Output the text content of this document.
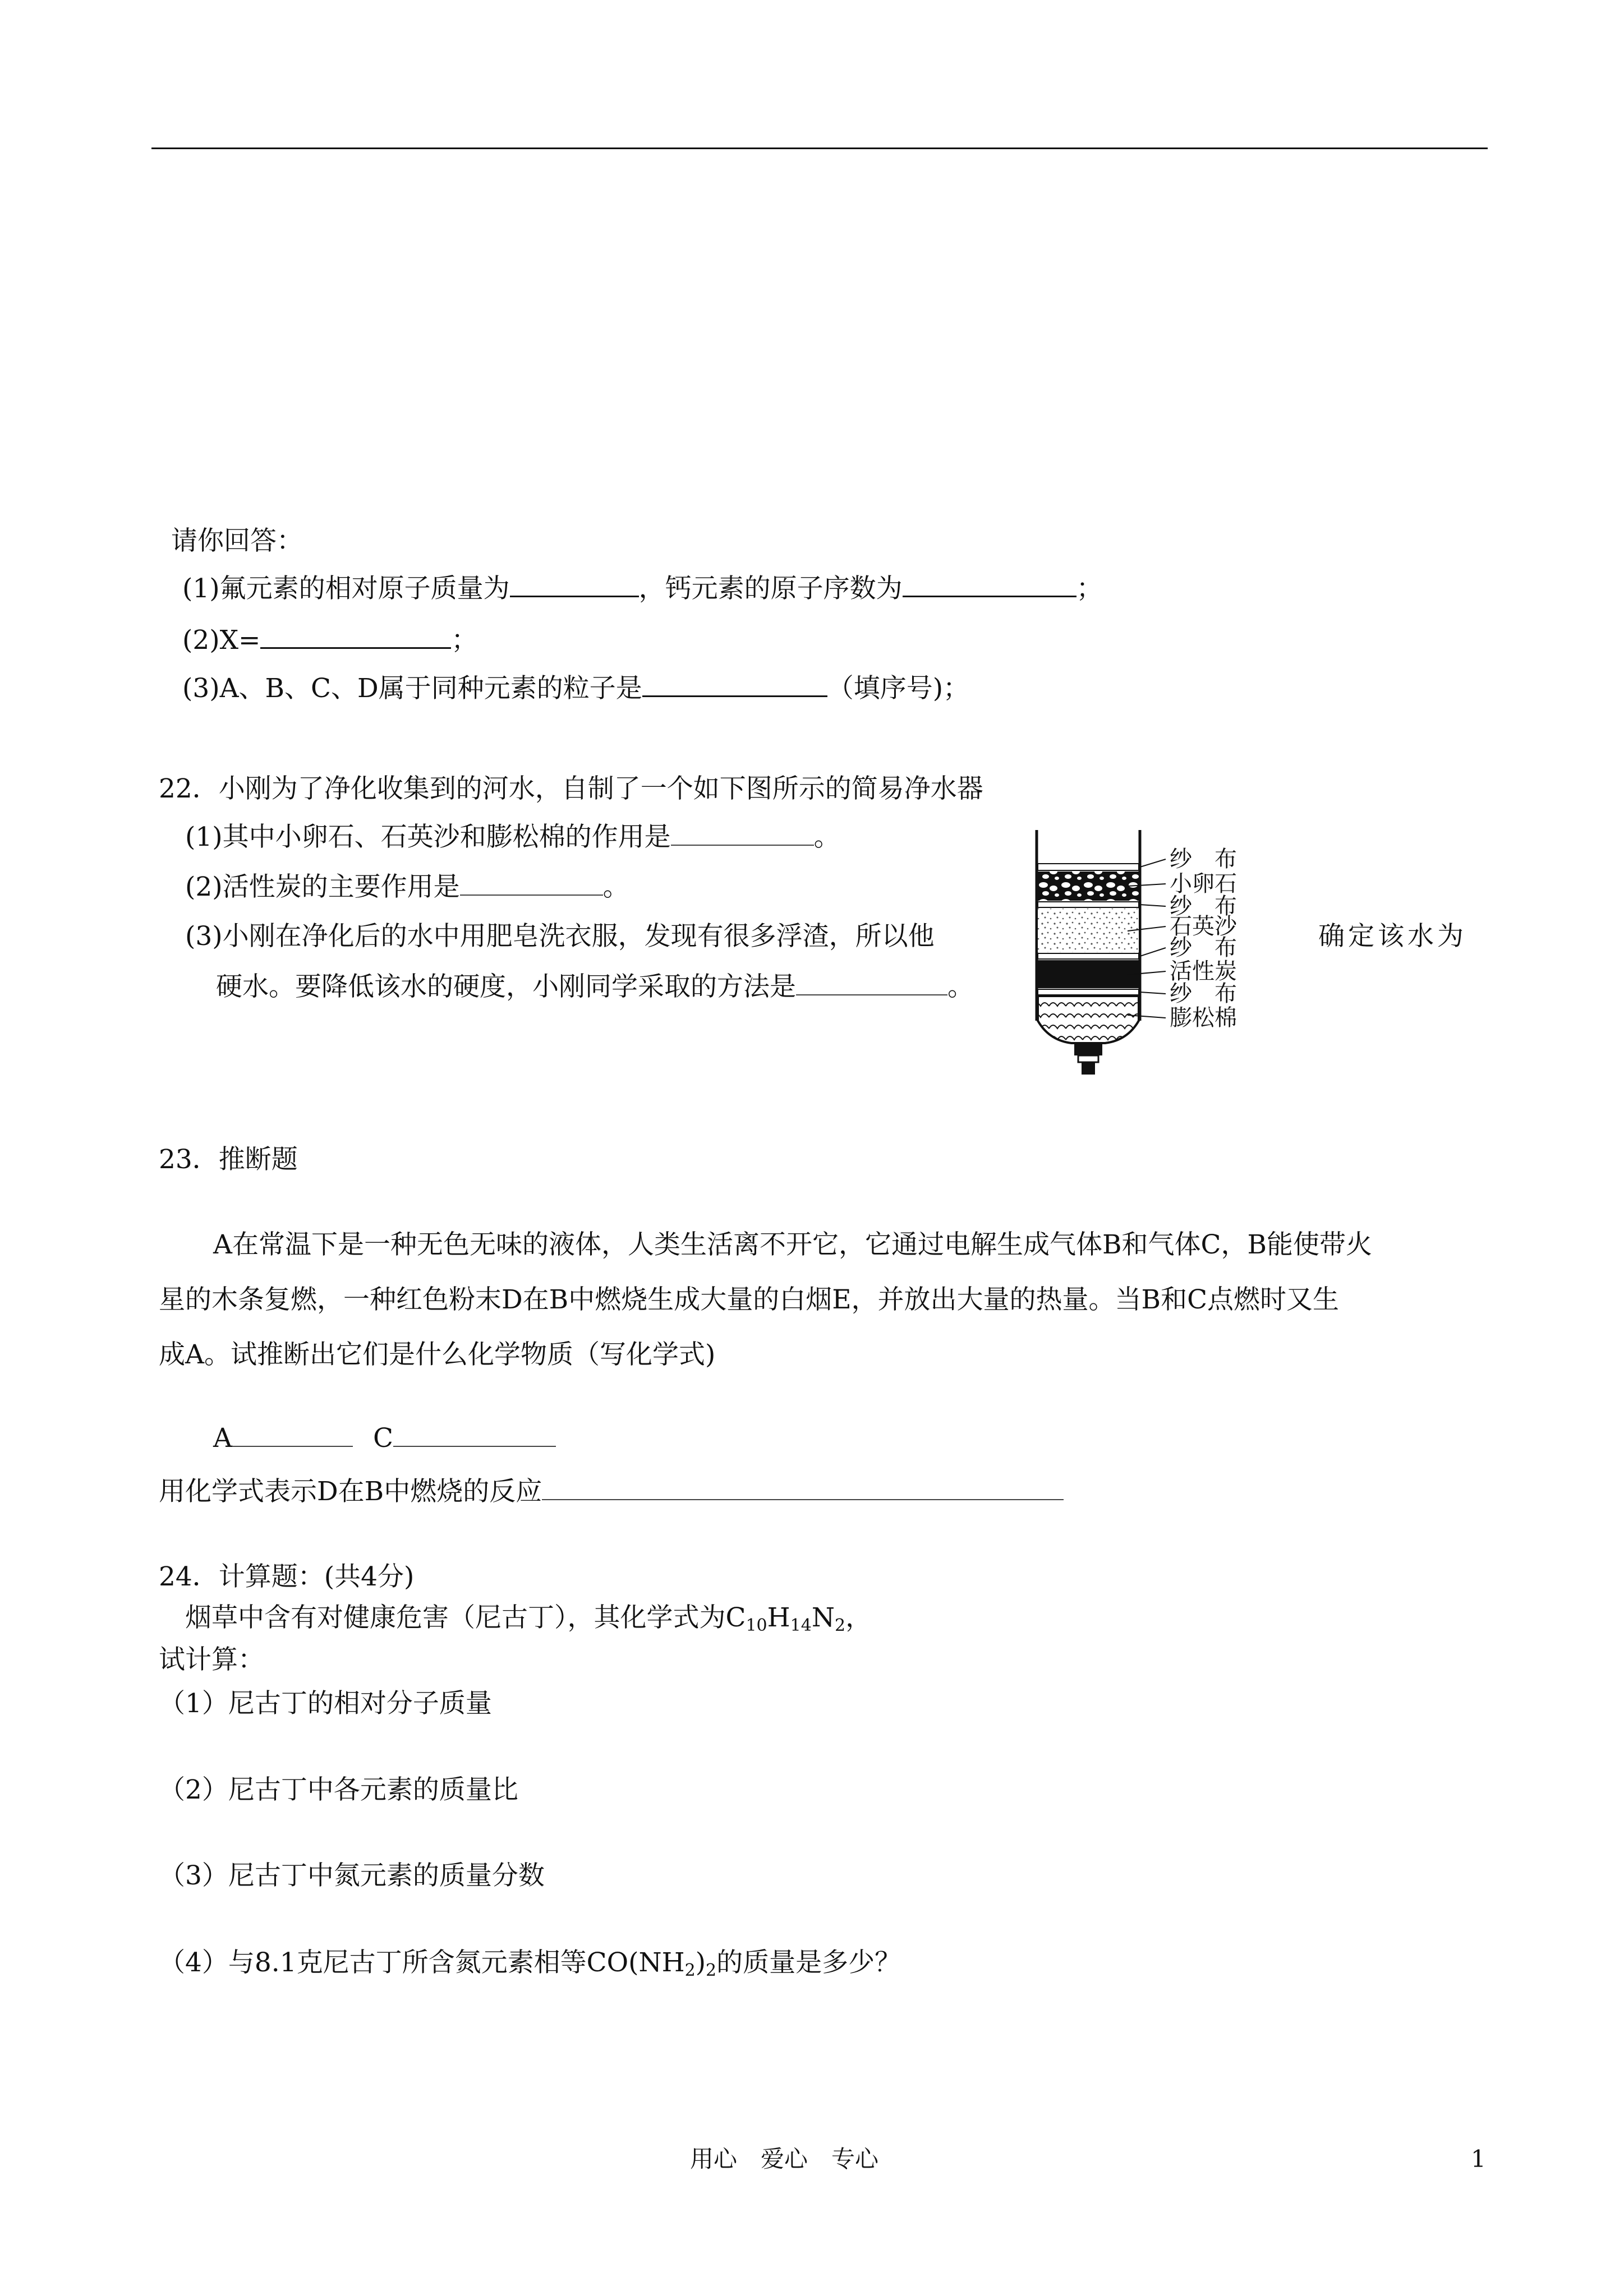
请你回答：
(1)氟元素的相对原子质量为	，钙元素的原子序数为	；
(2)X=	；
(3)A、B、C、D属于同种元素的粒子是	（填序号)；
22．小刚为了净化收集到的河水，自制了一个如下图所示的简易净水器
(1)其中小卵石、石英沙和膨松棉的作用是	。
(2)活性炭的主要作用是	。
(3)小刚在净化后的水中用肥皂洗衣服，发现有很多浮渣，所以他	确定该水为
硬水。要降低该水的硬度，小刚同学采取的方法是	。
纱　布
小卵石
纱　布
石英沙
纱　布
活性炭
纱　布
膨松棉
23．推断题
A在常温下是一种无色无味的液体，人类生活离不开它，它通过电解生成气体B和气体C，B能使带火
星的木条复燃，一种红色粉末D在B中燃烧生成大量的白烟E，并放出大量的热量。当B和C点燃时又生
成A。试推断出它们是什么化学物质（写化学式)
A	C
用化学式表示D在B中燃烧的反应
24．计算题：(共4分)
烟草中含有对健康危害（尼古丁），其化学式为$C_{10}H_{14}N_2$，
试计算：
（1）尼古丁的相对分子质量
（2）尼古丁中各元素的质量比
（3）尼古丁中氮元素的质量分数
（4）与8.1克尼古丁所含氮元素相等$CO(NH_2)_2$的质量是多少？
用心　爱心　专心	1
